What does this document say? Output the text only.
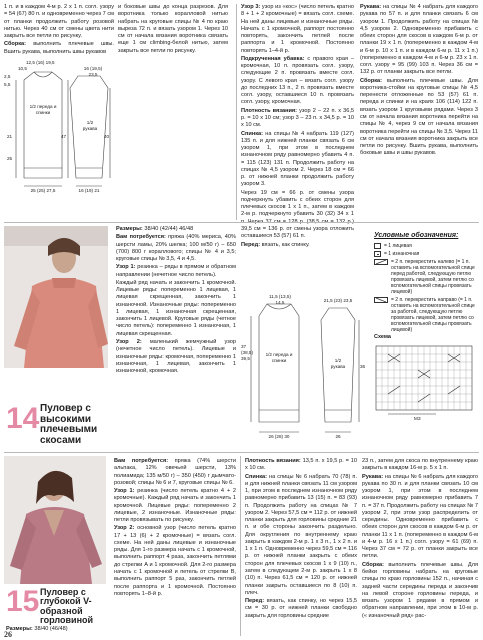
1 п. и в каждом 4-м р. 2 х 1 п. согл. узору = 54 (67) 80 п. и одновременно через 7 см от планки продолжить работу розовой нитью. Через 40 см от смены цвета нити закрыть все петли по рисунку.

Сборка: выполнить плечевые швы. Вшить рукава, выполнить швы рукавов

12,5 (16) 19,5
10,5
2,5
5,5
16 (19,5) 23,5
1/2 переда и спинки
21
25
47	40
1/2 рукава
25 (25) 27,5	16 (19) 21

и боковые швы до конца разрезов. Для воротника только коралловой нитью набрать на круговые спицы № 4 по краю выреза 72 п. и вязать узором 1. Через 10 см от начала вязания воротника связать еще 1 см climbing-белой нитью, затем закрыть все петли по рисунку.

Узор 3: узор из «кос» (число петель кратно 8 + 1 + 2 кромочные) = вязать согл. схеме. На ней даны лицевые и изнаночные ряды. Начать с 1 кромочной, раппорт постоянно повторять, закончить петлей после раппорта и 1 кромочной. Постоянно повторять 1–4-й р.

Подкрученная убавка: с правого края – кромочная, 10 п. провязать согл. узору, следующие 2 п. провязать вместе согл. узору. С левого края – вязать согл. узору до последних 13 п., 2 п. провязать вместе согл. узору, оставшиеся 10 п. провязать согл. узору, кромочная.

Плотность вязания: узор 2 – 22 п. x 36,5 р. = 10 x 10 см; узор 3 – 23 п. x 34,5 р. = 10 x 10 см.

Спинка: на спицы № 4 набрать 119 (127) 135 п. и для нижней планки связать 6 см узором 1, при этом в последнем изнаночном ряду равномерно убавить 4 п. = 115 (123) 131 п. Продолжить работу на спицах № 4,5 узором 2. Через 18 см = 66 р. от нижней планки продолжить работу узором 3.

Через 19 см = 66 р. от смены узора подчеркнуть убавить с обеих сторон для плечевых скосов 1 x 1 п., затем в каждом 2-м р. подчеркнуто убавить 30 (32) 34 x 1 п. Через 37 см = 128 р. (38,5 см = 132 р.) 39,5 см = 136 р. от смены узора отложить оставшиеся 53 (57) 61 п.

Перед: вязать, как спинку.

Рукава: на спицы № 4 набрать для каждого рукава по 57 п. и для планки связать 6 см узором 1. Продолжить работу на спицах № 4,5 узором 2. Одновременно прибавить с обеих сторон для скосов в каждом 6-м р. от планки 19 x 1 п. (попеременно в каждом 4-м и 6-м р. 10 x 1 п. и в каждом 6-м р. 11 x 1 п.) (попеременно в каждом 4-м и 6-м р. 23 x 1 п. согл. узору = 95 (99) 103 п. Через 36 см = 132 р. от планки закрыть все петли.

Сборка: выполнить плечевые швы. Для воротника-стойки на круговые спицы № 4,5 перенести отложенные по 53 (57) 61 п. переда и спинки и на краях 106 (114) 122 п. вязать узором 1 круговыми рядами. Через 3 см от начала вязания воротника перейти на спицы № 4, через 9 см от начала вязания воротника перейти на спицы № 3,5. Через 11 см от начала вязания воротника закрыть все петли по рисунку. Вшить рукава, выполнить боковые швы и швы рукавов.

14 Пуловер с высокими плечевыми скосами

Размеры: 38/40 (42/44) 46/48

Вам потребуется: пряжа (40% мериса, 40% шерсти ламы, 20% шелка; 100 м/50 г) – 650 (700) 800 г кораллового; спицы № 4 и 3,5; круговые спицы № 3,5, 4 и 4,5.

Узор 1: резинка – ряды в прямом и обратном направлении (нечетное число петель).

Каждый ряд начать и закончить 1 кромочной. Лицевые ряды: попеременно 1 лицевая, 1 лицевая скрещенная, закончить 1 изнаночной. Изнаночные ряды: попеременно 1 лицевая, 1 изнаночная скрещенная, закончить 1 лицевой. Круговые ряды (четное число петель): попеременно 1 изнаночная, 1 лицевая скрещенная.

Узор 2: маленький жемчужный узор (нечетное число петель). Лицевые и изнаночные ряды: кромочная, попеременно 1 изнаночная, 1 лицевая, закончить 1 изнаночной, кромочная.

11,5 (13,5) 14,5
37 (38,5) 39,5
1/2 переда и спинки
26 (28) 30
21,5 (23) 23,5
36
1/2 рукава
26
Условные обозначения:
= 1 лицевая
= 1 изнаночная
= 2 п. перекрестить налево (= 1 п. оставить на вспомогательной спице перед работой, следующую петлю провязать лицевой, затем петлю со вспомогательной спицы провязать лицевой)
= 2 п. перекрестить направо (= 1 п. оставить на вспомогательной спице за работой, следующую петлю провязать лицевой, затем петлю со вспомогательной спицы провязать лицевой)
Схема
МЗ
15 Пуловер с глубокой V-образной горловиной
Размеры: 38/40 (46/48)

Вам потребуется: пряжа (74% шерсти альпака, 12% овечьей шерсти, 13% полиамида; 135 м/50 г) – 350 (450) г дымчато-розовой; спицы № 6 и 7, круговые спицы № 6.

Узор 1: резинка (число петель кратно 4 + 2 кромочные). Каждый ряд начать и закончить 1 кромочной. Лицевые ряды: попеременно 2 лицевые, 2 изнаночные. Изнаночные ряды: петли провязывать по рисунку.

Узор 2: основной узор (число петель кратно 17 + 13 (6) + 2 кромочные) = вязать согл. схеме. На ней даны лицевые и изнаночные ряды. Для 1-го размера начать с 1 кромочной, выполнить раппорт 4 раза, закончить петлями до стрелки A и 1 кромочной. Для 2-го размера начать с 1 кромочной и петель от стрелки B, выполнить раппорт 5 раз, закончить петлей после раппорта и 1 кромочной. Постоянно повторять 1–8-й р.

Плотность вязания: 13,5 п. x 19,5 р. = 10 x 10 см.

Спинка: на спицы № 6 набрать 70 (78) п. и для нижней планки связать 11 см узором 1, при этом в последнем изнаночном ряду равномерно прибавить 13 (15) п. = 83 (93) п. Продолжить работу на спицах № 7 узором 2. Через 57,5 см = 112 р. от нижней планки закрыть для горловины средние 21 п. и обе стороны закончить раздельно. Для округления по внутреннему краю закрыть в каждом 2-м р. 1 x 3 п., 1 x 2 п. и 1 x 1 п. Одновременно через 59,5 см = 116 р. от нижней планки закрыть с обеих сторон для плечевых скосов 1 x 9 (10) п., затем в следующем 2-м р. закрыть 1 x 8 (10) п. Через 61,5 см = 120 р. от нижней планки закрыть оставшиеся по 8 (10) п. плеч.

Перед: вязать, как спинку, но через 15,5 см = 30 р. от нижней планки свободно закрыть для горловины средние

23 п., затем для скоса по внутреннему краю закрыть в каждом 16-м р. 5 x 1 п.

Рукава: на спицы № 6 набрать для каждого рукава по 30 п. и для планки связать 10 см узором 1, при этом в последнем изнаночном ряду равномерно прибавить 7 п. = 37 п. Продолжить работу на спицах № 7 узором 2, при этом узор распределить от середины. Одновременно прибавить с обеих сторон для скосов в каждом 6-м р. от планки 11 x 1 п. (попеременно в каждом 6-м и 4-м р. 16 x 1 п.) согл. узору = 61 (69) п. Через 37 см = 72 р. от планки закрыть все петли.

Сборка: выполнить плечевые швы. Для бейки горловины набрать на круговые спицы по краю горловины 152 п., начиная с задней части середины переда и закончив на левой стороне горловины переда, и вязать узором 1 рядами в прямом и обратном направлении, при этом в 10-м р. (« изнаночный ряд» рас-

26
